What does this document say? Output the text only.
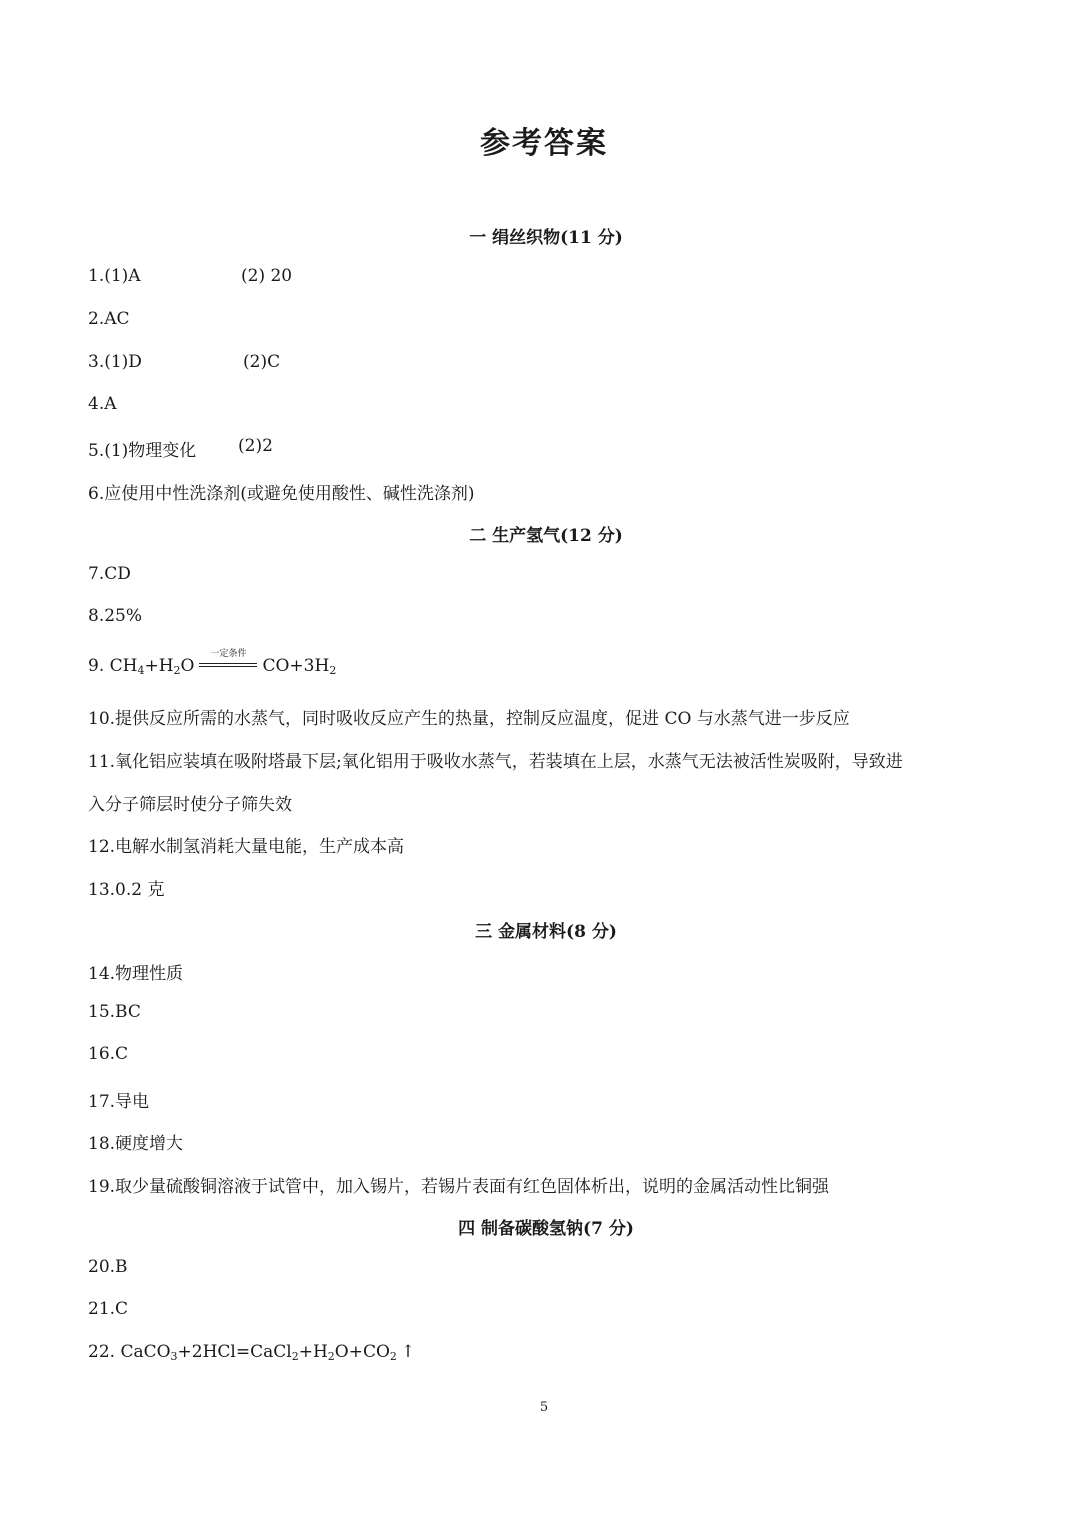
参考答案
一 绢丝织物(11 分)
1.(1)A	(2) 20
2.AC
3.(1)D	(2)C
4.A
5.(1)物理变化 (2)2
6.应使用中性洗涤剂(或避免使用酸性、碱性洗涤剂)
二 生产氢气(12 分)
7.CD
8.25%
9. $CH_4+H_2O$
一定条件
$CO+3H_2$
10.提供反应所需的水蒸气，同时吸收反应产生的热量，控制反应温度，促进 CO 与水蒸气进一步反应
11.氧化铝应装填在吸附塔最下层;氧化铝用于吸收水蒸气，若装填在上层，水蒸气无法被活性炭吸附，导致进
入分子筛层时使分子筛失效
12.电解水制氢消耗大量电能，生产成本高
13.0.2 克
三 金属材料(8 分)
14.物理性质
15.BC
16.C
17.导电
18.硬度增大
19.取少量硫酸铜溶液于试管中，加入锡片，若锡片表面有红色固体析出，说明的金属活动性比铜强
四 制备碳酸氢钠(7 分)
20.B
21.C
22. $CaCO_3+2HCl=CaCl_2+H_2O+CO_2$ ↑
5
